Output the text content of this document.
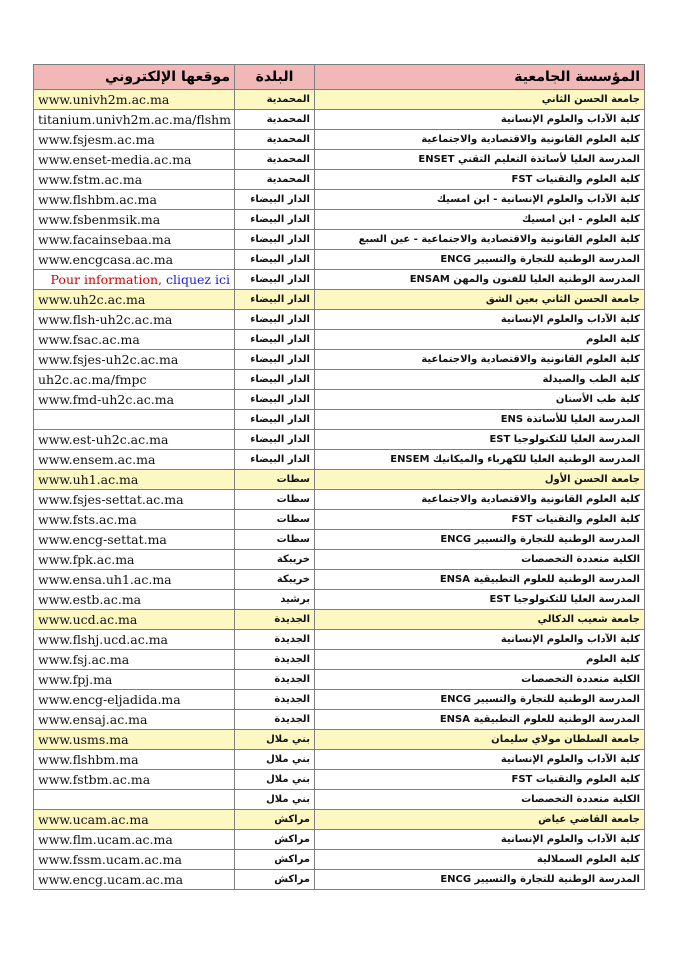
موقعها الإلكتروني	البلدة	المؤسسة الجامعية
www.univh2m.ac.ma	المحمدية	جامعة الحسن الثاني
titanium.univh2m.ac.ma/flshm	المحمدية	كلية الآداب والعلوم الإنسانية
www.fsjesm.ac.ma	المحمدية	كلية العلوم القانونية والاقتصادية والاجتماعية
www.enset-media.ac.ma	المحمدية	المدرسة العليا لأساتذة التعليم التقني ENSET
www.fstm.ac.ma	المحمدية	كلية العلوم والتقنيات FST
www.flshbm.ac.ma	الدار البيضاء	كلية الآداب والعلوم الإنسانية - ابن امسيك
www.fsbenmsik.ma	الدار البيضاء	كلية العلوم - ابن امسيك
www.facainsebaa.ma	الدار البيضاء	كلية العلوم القانونية والاقتصادية والاجتماعية - عين السبع
www.encgcasa.ac.ma	الدار البيضاء	المدرسة الوطنية للتجارة والتسيير ENCG
Pour information, cliquez ici	الدار البيضاء	المدرسة الوطنية العليا للفنون والمهن ENSAM
www.uh2c.ac.ma	الدار البيضاء	جامعة الحسن الثاني بعين الشق
www.flsh-uh2c.ac.ma	الدار البيضاء	كلية الآداب والعلوم الإنسانية
www.fsac.ac.ma	الدار البيضاء	كلية العلوم
www.fsjes-uh2c.ac.ma	الدار البيضاء	كلية العلوم القانونية والاقتصادية والاجتماعية
uh2c.ac.ma/fmpc	الدار البيضاء	كلية الطب والصيدلة
www.fmd-uh2c.ac.ma	الدار البيضاء	كلية طب الأسنان
	الدار البيضاء	المدرسة العليا للأساتذة ENS
www.est-uh2c.ac.ma	الدار البيضاء	المدرسة العليا للتكنولوجيا EST
www.ensem.ac.ma	الدار البيضاء	المدرسة الوطنية العليا للكهرباء والميكانيك ENSEM
www.uh1.ac.ma	سطات	جامعة الحسن الأول
www.fsjes-settat.ac.ma	سطات	كلية العلوم القانونية والاقتصادية والاجتماعية
www.fsts.ac.ma	سطات	كلية العلوم والتقنيات FST
www.encg-settat.ma	سطات	المدرسة الوطنية للتجارة والتسيير ENCG
www.fpk.ac.ma	خريبكة	الكلية متعددة التخصصات
www.ensa.uh1.ac.ma	خريبكة	المدرسة الوطنية للعلوم التطبيقية ENSA
www.estb.ac.ma	برشيد	المدرسة العليا للتكنولوجيا EST
www.ucd.ac.ma	الجديدة	جامعة شعيب الدكالي
www.flshj.ucd.ac.ma	الجديدة	كلية الآداب والعلوم الإنسانية
www.fsj.ac.ma	الجديدة	كلية العلوم
www.fpj.ma	الجديدة	الكلية متعددة التخصصات
www.encg-eljadida.ma	الجديدة	المدرسة الوطنية للتجارة والتسيير ENCG
www.ensaj.ac.ma	الجديدة	المدرسة الوطنية للعلوم التطبيقية ENSA
www.usms.ma	بني ملال	جامعة السلطان مولاي سليمان
www.flshbm.ma	بني ملال	كلية الآداب والعلوم الإنسانية
www.fstbm.ac.ma	بني ملال	كلية العلوم والتقنيات FST
	بني ملال	الكلية متعددة التخصصات
www.ucam.ac.ma	مراكش	جامعة القاضي عياض
www.flm.ucam.ac.ma	مراكش	كلية الآداب والعلوم الإنسانية
www.fssm.ucam.ac.ma	مراكش	كلية العلوم السملالية
www.encg.ucam.ac.ma	مراكش	المدرسة الوطنية للتجارة والتسيير ENCG
